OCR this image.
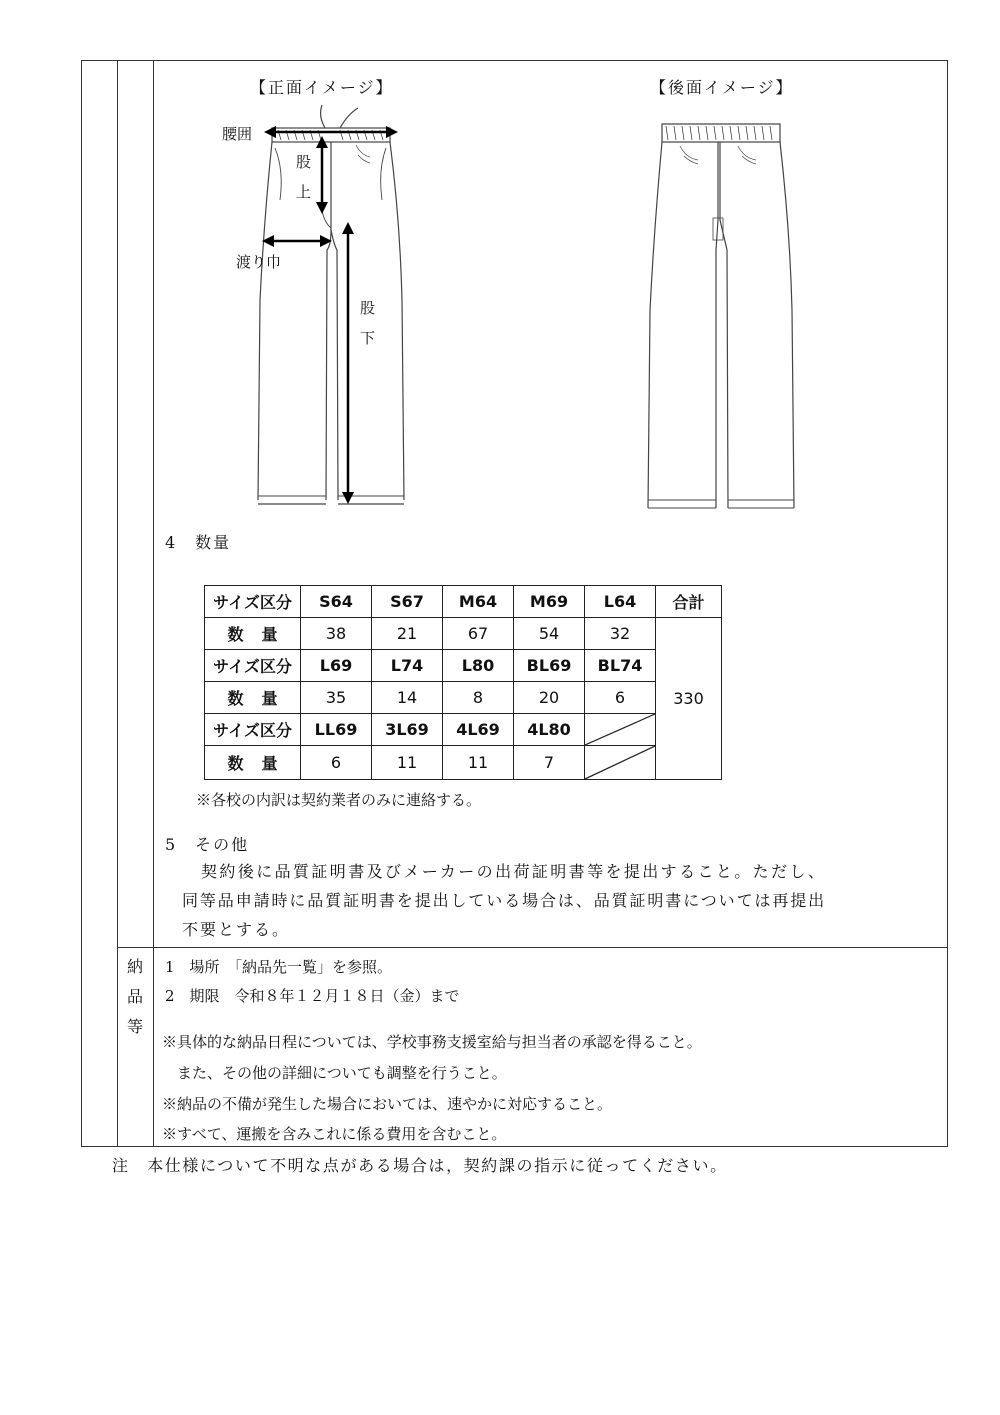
【正面イメージ】	【後面イメージ】
腰囲
股
上
渡り巾
股
下
4　数量
サイズ区分	S64	S67	M64	M69	L64	合計
数量	38	21	67	54	32	330
サイズ区分	L69	L74	L80	BL69	BL74	
数量	35	14	8	20	6	
サイズ区分	LL69	3L69	4L69	4L80	

数量	6	11	11	7	
※各校の内訳は契約業者のみに連絡する。
5　その他
契約後に品質証明書及びメーカーの出荷証明書等を提出すること。ただし、
同等品申請時に品質証明書を提出している場合は、品質証明書については再提出
不要とする。
納
品
等
1　場所　「納品先一覧」を参照。
2　期限　令和８年１２月１８日（金）まで
※具体的な納品日程については、学校事務支援室給与担当者の承認を得ること。
　また、その他の詳細についても調整を行うこと。
※納品の不備が発生した場合においては、速やかに対応すること。
※すべて、運搬を含みこれに係る費用を含むこと。
注　本仕様について不明な点がある場合は，契約課の指示に従ってください。
